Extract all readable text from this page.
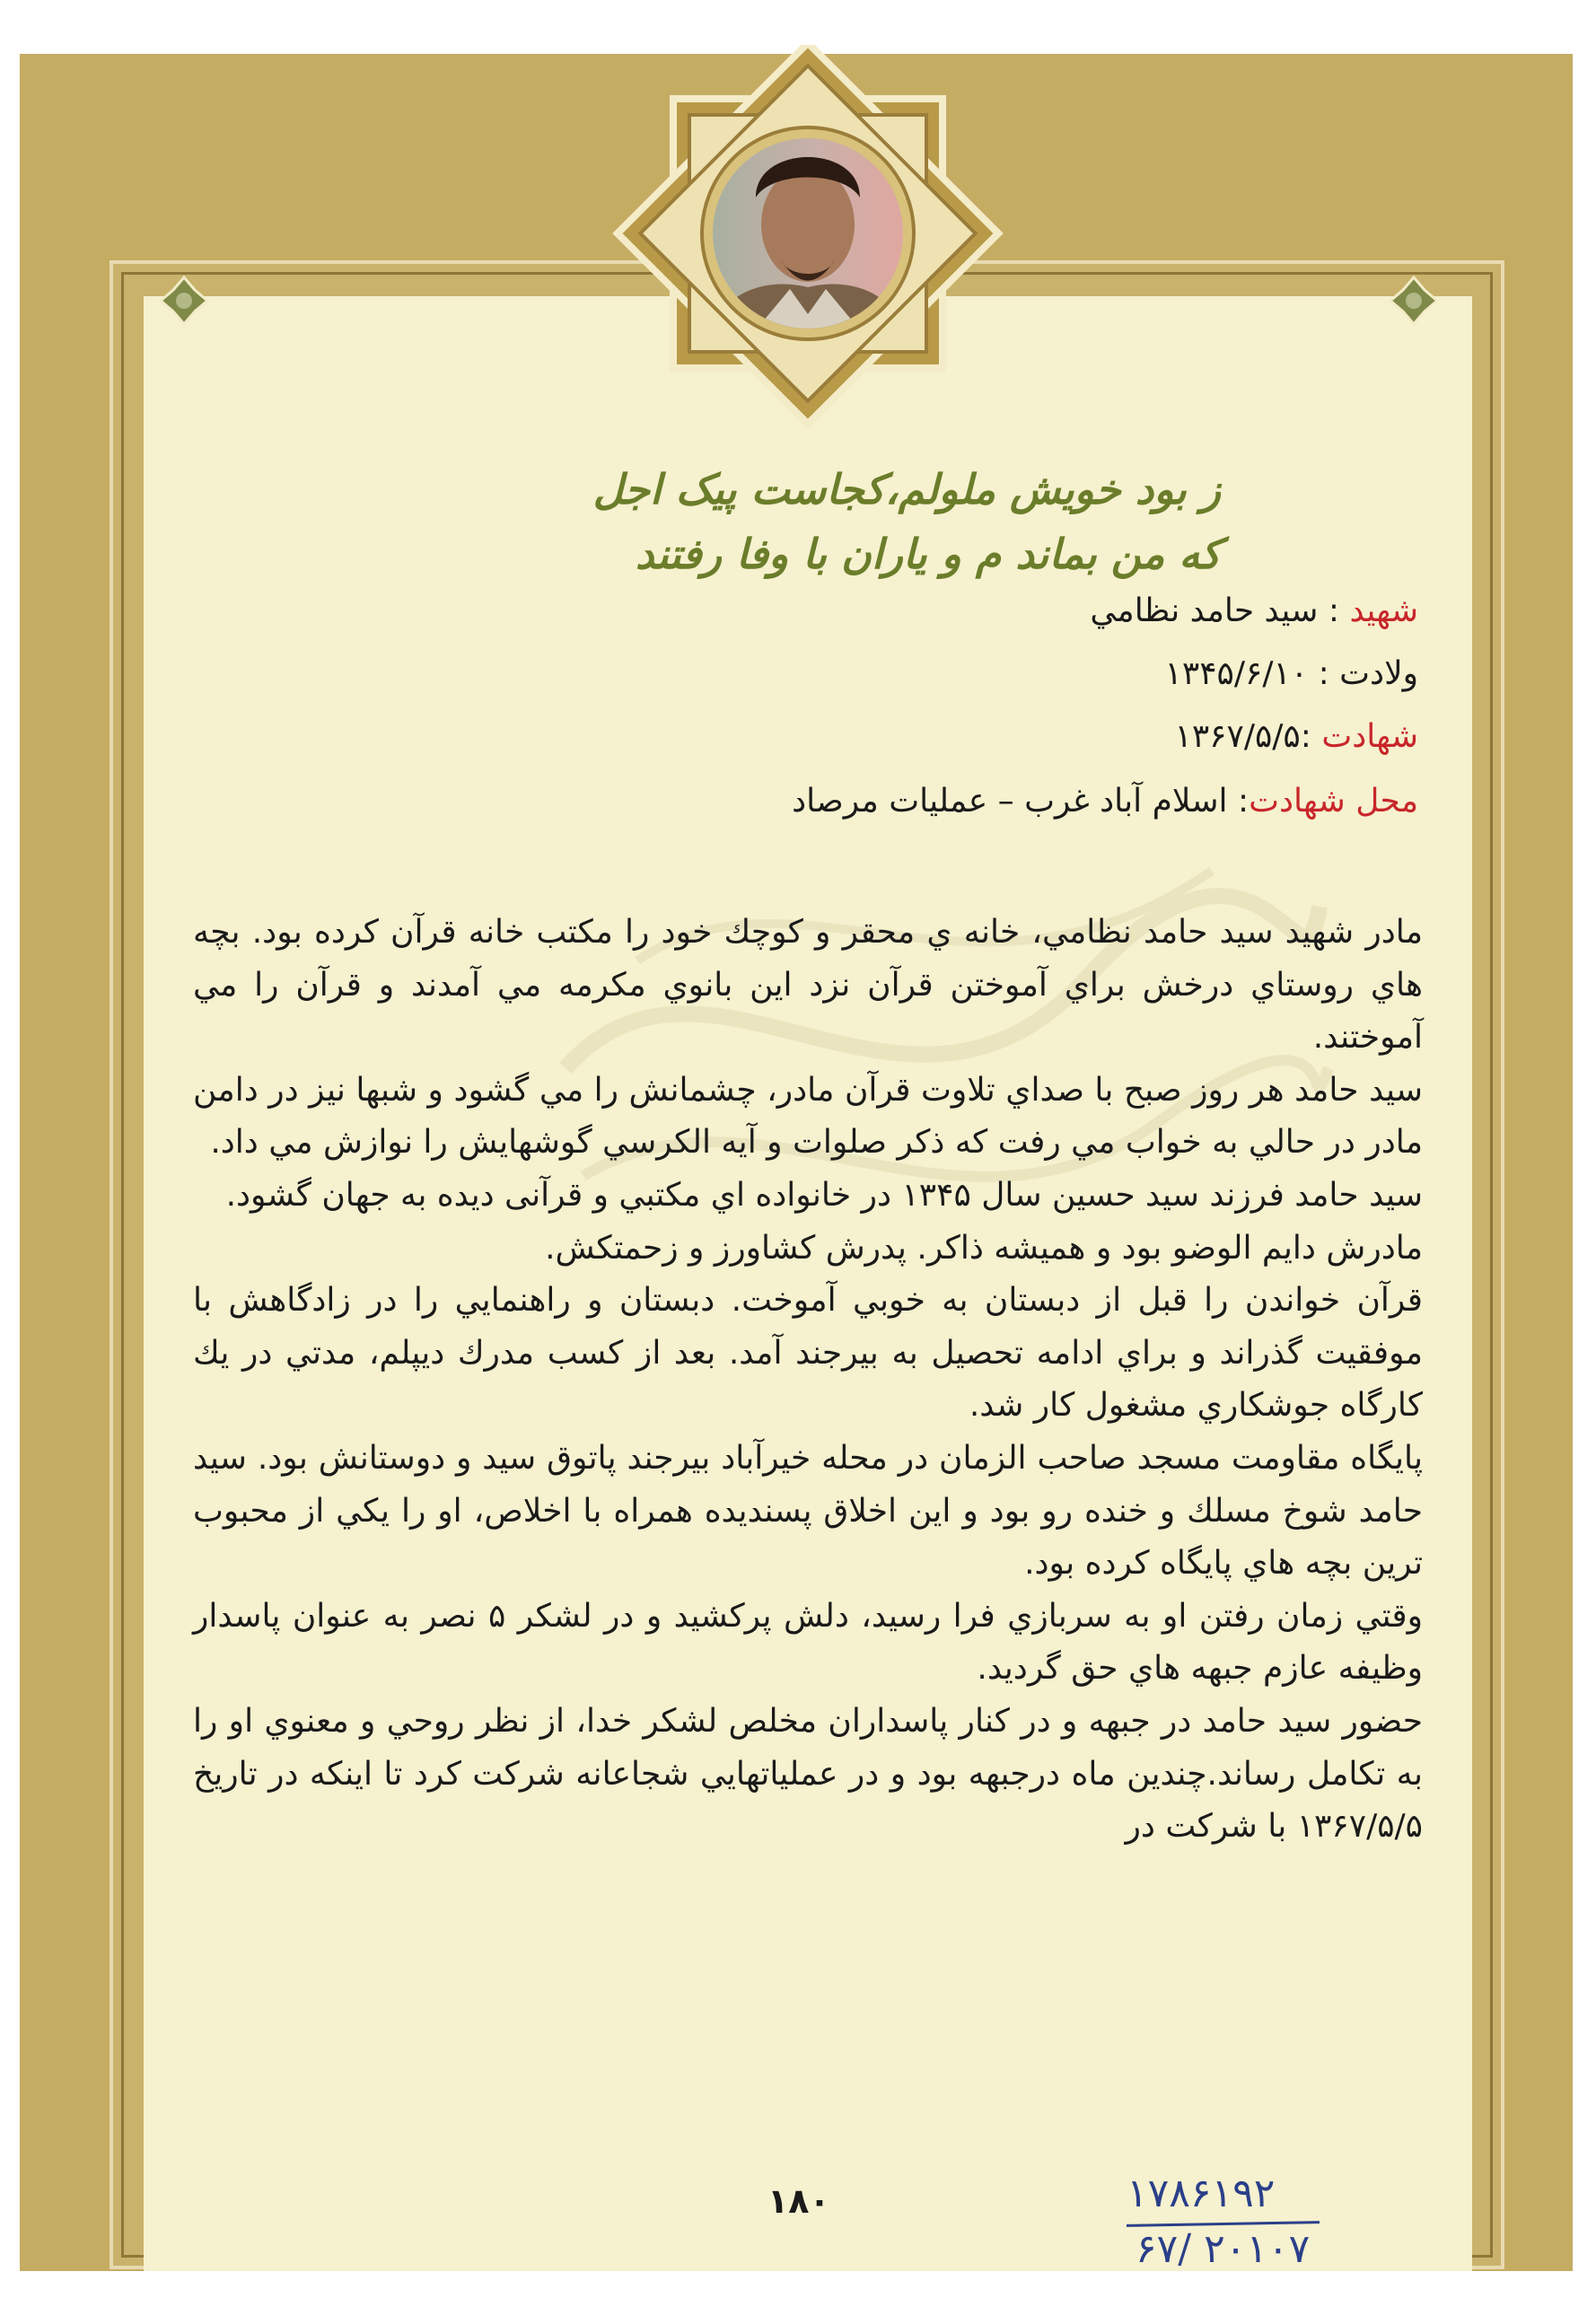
ز بود خويش ملولم،كجاست پيک اجل
كه من بماند م و ياران با وفا رفتند
شهيد : سيد حامد نظامي
ولادت : ۱۳۴۵/۶/۱۰
شهادت :۱۳۶۷/۵/۵
محل شهادت: اسلام آباد غرب – عمليات مرصاد

مادر شهيد سيد حامد نظامي، خانه ي محقر و كوچك خود را مكتب خانه قرآن كرده بود. بچه هاي روستاي درخش براي آموختن قرآن نزد اين بانوي مكرمه مي آمدند و قرآن را مي آموختند.

سيد حامد هر روز صبح با صداي تلاوت قرآن مادر، چشمانش را مي گشود و شبها نيز در دامن مادر در حالي به خواب مي رفت كه ذكر صلوات و آيه الكرسي گوشهايش را نوازش مي داد.

سيد حامد فرزند سيد حسين سال ۱۳۴۵ در خانواده اي مكتبي و قرآنی ديده به جهان گشود.

مادرش دايم الوضو بود و هميشه ذاكر. پدرش كشاورز و زحمتكش.

قرآن خواندن را قبل از دبستان به خوبي آموخت. دبستان و راهنمايي را در زادگاهش با موفقيت گذراند و براي ادامه تحصيل به بيرجند آمد. بعد از كسب مدرك ديپلم، مدتي در يك كارگاه جوشكاري مشغول كار شد.

پايگاه مقاومت مسجد صاحب الزمان در محله خيرآباد بيرجند پاتوق سيد و دوستانش بود. سيد حامد شوخ مسلك و خنده رو بود و اين اخلاق پسنديده همراه با اخلاص، او را يكي از محبوب ترين بچه هاي پايگاه كرده بود.

وقتي زمان رفتن او به سربازي فرا رسيد، دلش پركشيد و در لشكر ۵ نصر به عنوان پاسدار وظيفه عازم جبهه هاي حق گرديد.

حضور سيد حامد در جبهه و در كنار پاسداران مخلص لشكر خدا، از نظر روحي و معنوي او را به تكامل رساند.چندين ماه درجبهه بود و در عملياتهايي شجاعانه شركت كرد تا اينكه در تاريخ ۱۳۶۷/۵/۵ با شركت در

۱۸۰	۱۷۸۶۱۹۲
۶۷/ ۲۰۱۰۷
